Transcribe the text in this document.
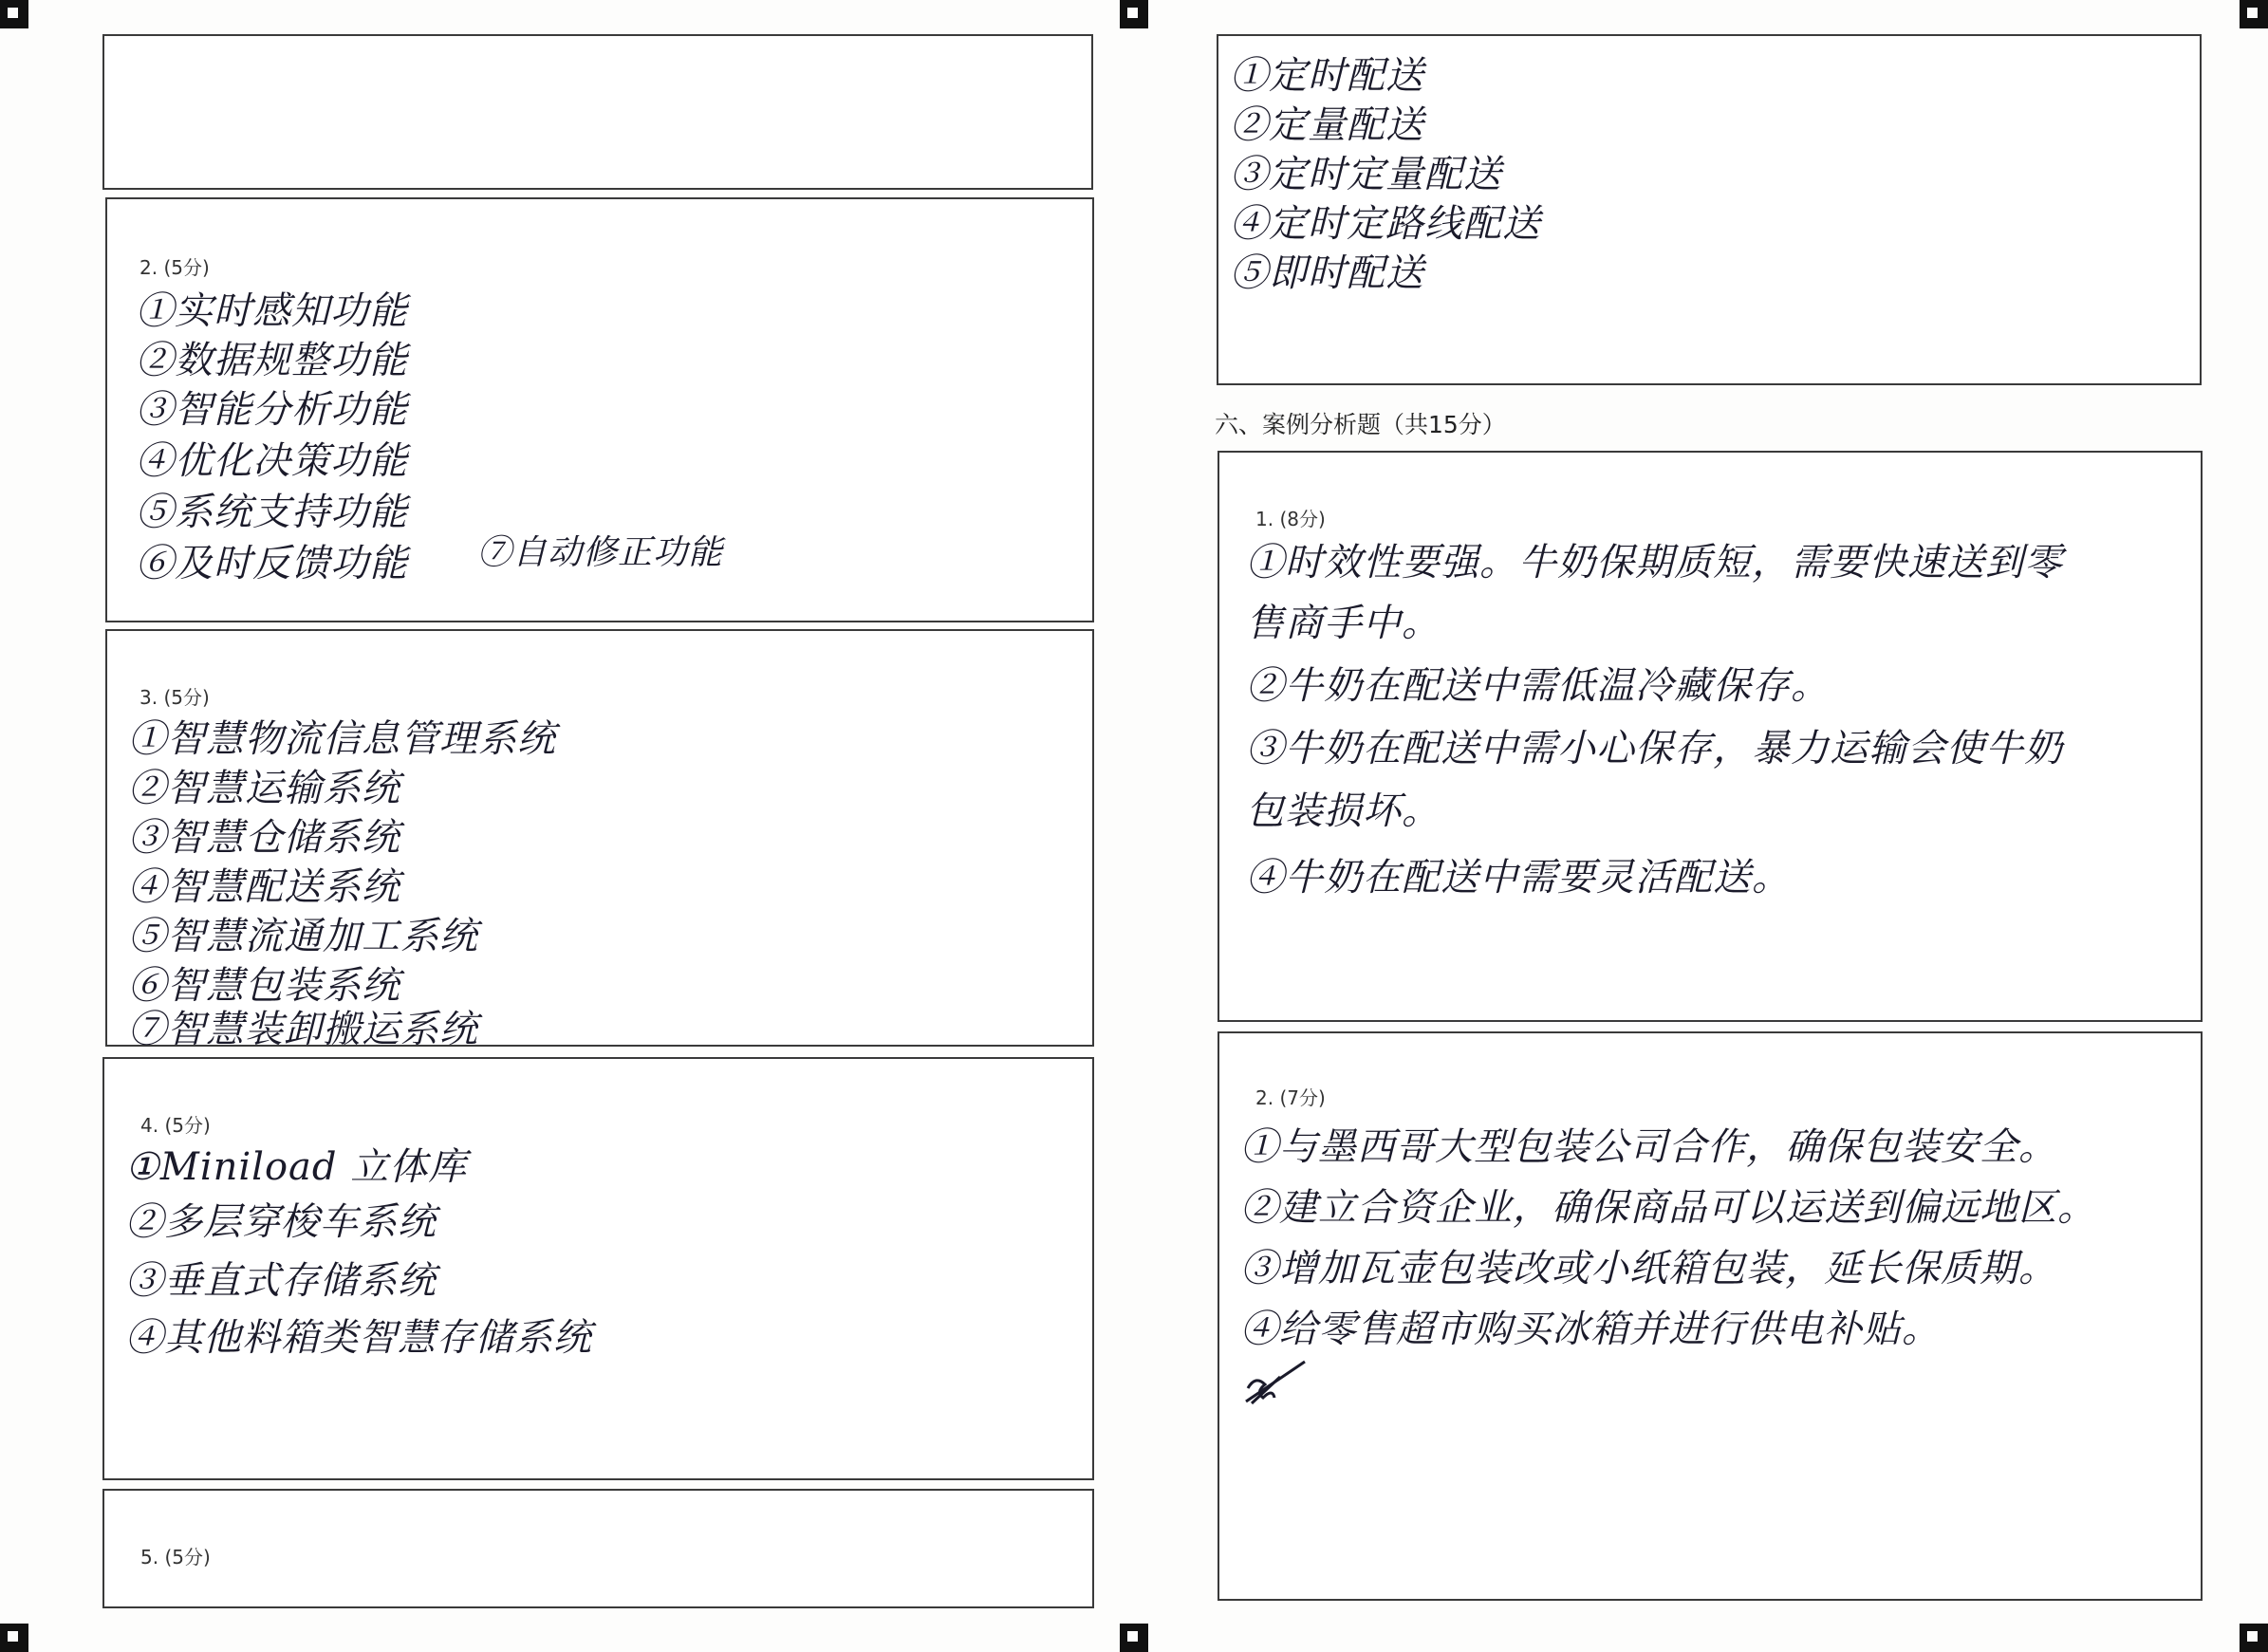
2. (5分)
①实时感知功能
②数据规整功能
③智能分析功能
④优化决策功能
⑤系统支持功能
⑥及时反馈功能 ⑦自动修正功能
3. (5分)
①智慧物流信息管理系统
②智慧运输系统
③智慧仓储系统
④智慧配送系统
⑤智慧流通加工系统
⑥智慧包装系统
⑦智慧装卸搬运系统
4. (5分)
①Miniload 立体库
②多层穿梭车系统
③垂直式存储系统
④其他料箱类智慧存储系统
5. (5分)
①定时配送
②定量配送
③定时定量配送
④定时定路线配送
⑤即时配送
六、案例分析题（共15分）
1. (8分)
①时效性要强。牛奶保期质短，需要快速送到零
售商手中。
②牛奶在配送中需低温冷藏保存。
③牛奶在配送中需小心保存，暴力运输会使牛奶
包装损坏。
④牛奶在配送中需要灵活配送。
2. (7分)
①与墨西哥大型包装公司合作，确保包装安全。
②建立合资企业，确保商品可以运送到偏远地区。
③增加瓦壶包装改或小纸箱包装，延长保质期。
④给零售超市购买冰箱并进行供电补贴。
